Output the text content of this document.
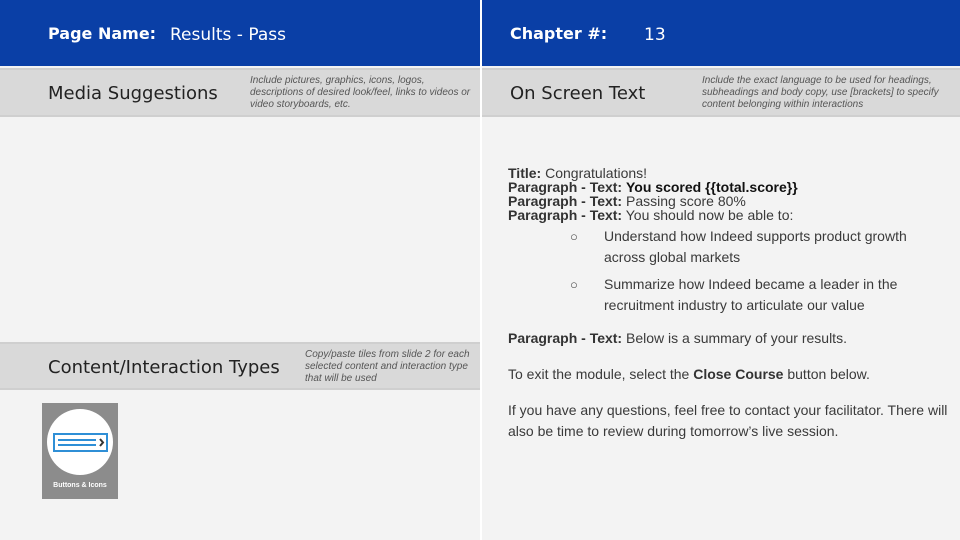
Page Name: Results - Pass
Media Suggestions
Include pictures, graphics, icons, logos, descriptions of desired look/feel, links to videos or video storyboards, etc.
Content/Interaction Types
Copy/paste tiles from slide 2 for each selected content and interaction type that will be used
Buttons & Icons
Chapter #: 13
On Screen Text
Include the exact language to be used for headings, subheadings and body copy, use [brackets] to specify content belonging within interactions
Title: Congratulations!
Paragraph - Text: You scored {{total.score}}
Paragraph - Text: Passing score 80%
Paragraph - Text: You should now be able to:
○ Understand how Indeed supports product growth across global markets
○ Summarize how Indeed became a leader in the recruitment industry to articulate our value
Paragraph - Text: Below is a summary of your results.
To exit the module, select the Close Course button below.
If you have any questions, feel free to contact your facilitator. There will also be time to review during tomorrow’s live session.
